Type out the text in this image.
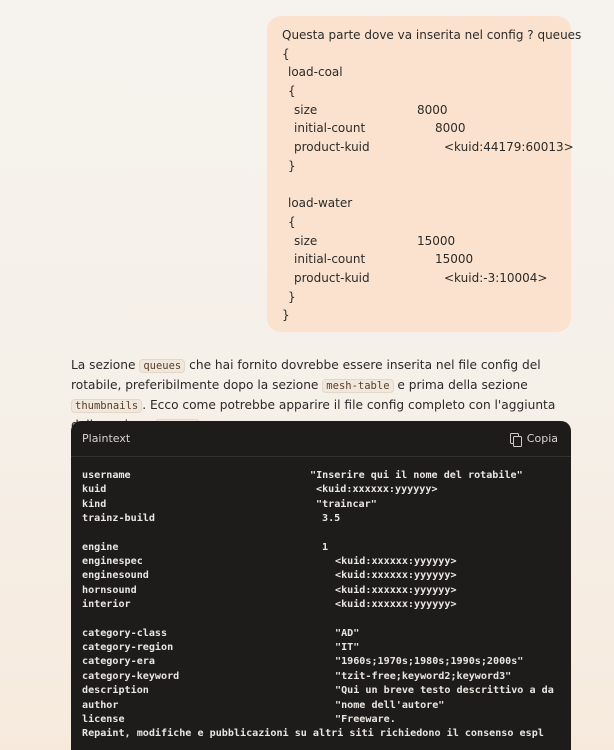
Questa parte dove va inserita nel config ? queues
{
load-coal
{
size	8000
initial-count	8000
product-kuid	<kuid:44179:60013>
}
load-water
{
size	15000
initial-count	15000
product-kuid	<kuid:-3:10004>
}
}
La sezione queues che hai fornito dovrebbe essere inserita nel file config del rotabile, preferibilmente dopo la sezione mesh-table e prima della sezione thumbnails . Ecco come potrebbe apparire il file config completo con l'aggiunta
Plaintext	Copia
username	"Inserire qui il nome del rotabile"
kuid	<kuid:xxxxxx:yyyyyy>
kind	"traincar"
trainz-build	3.5
engine	1
enginespec	<kuid:xxxxxx:yyyyyy>
enginesound	<kuid:xxxxxx:yyyyyy>
hornsound	<kuid:xxxxxx:yyyyyy>
interior	<kuid:xxxxxx:yyyyyy>
category-class	"AD"
category-region	"IT"
category-era	"1960s;1970s;1980s;1990s;2000s"
category-keyword	"tzit-free;keyword2;keyword3"
description	"Qui un breve testo descrittivo a da
author	"nome dell'autore"
license	"Freeware.
Repaint, modifiche e pubblicazioni su altri siti richiedono il consenso espl
